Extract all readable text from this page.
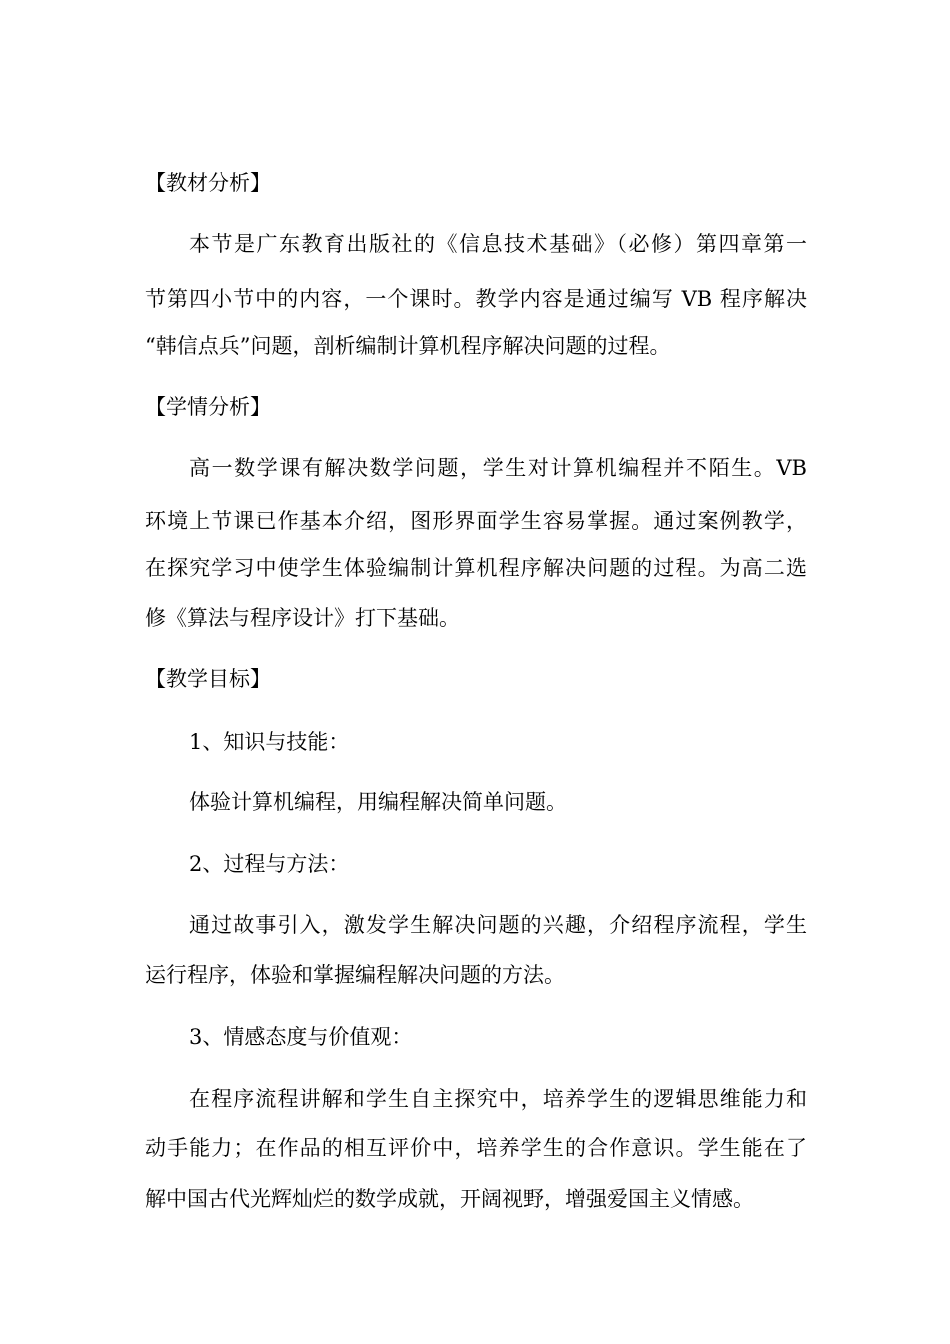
【教材分析】
本节是广东教育出版社的《信息技术基础》（必修）第四章第一
节第四小节中的内容，一个课时。教学内容是通过编写 VB 程序解决
“韩信点兵”问题，剖析编制计算机程序解决问题的过程。
【学情分析】
高一数学课有解决数学问题，学生对计算机编程并不陌生。VB
环境上节课已作基本介绍，图形界面学生容易掌握。通过案例教学，
在探究学习中使学生体验编制计算机程序解决问题的过程。为高二选
修《算法与程序设计》打下基础。
【教学目标】
1、知识与技能：
体验计算机编程，用编程解决简单问题。
2、过程与方法：
通过故事引入，激发学生解决问题的兴趣，介绍程序流程，学生
运行程序，体验和掌握编程解决问题的方法。
3、情感态度与价值观：
在程序流程讲解和学生自主探究中，培养学生的逻辑思维能力和
动手能力；在作品的相互评价中，培养学生的合作意识。学生能在了
解中国古代光辉灿烂的数学成就，开阔视野，增强爱国主义情感。
